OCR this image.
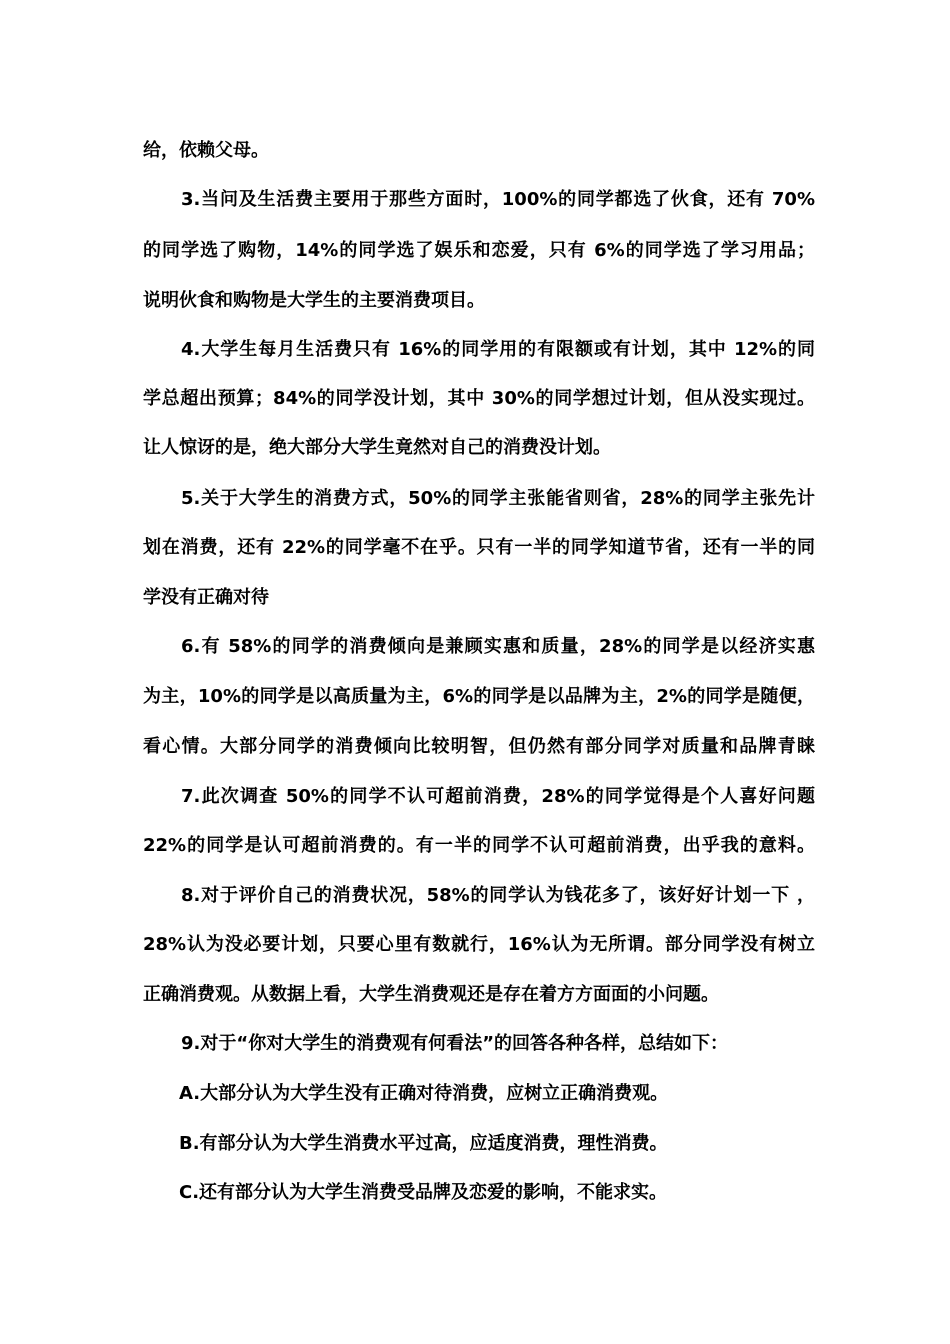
给，依赖父母。
3.当问及生活费主要用于那些方面时，100%的同学都选了伙食，还有 70%
的同学选了购物，14%的同学选了娱乐和恋爱，只有 6%的同学选了学习用品；
说明伙食和购物是大学生的主要消费项目。
4.大学生每月生活费只有 16%的同学用的有限额或有计划，其中 12%的同
学总超出预算；84%的同学没计划，其中 30%的同学想过计划，但从没实现过。
让人惊讶的是，绝大部分大学生竟然对自己的消费没计划。
5.关于大学生的消费方式，50%的同学主张能省则省，28%的同学主张先计
划在消费，还有 22%的同学毫不在乎。只有一半的同学知道节省，还有一半的同
学没有正确对待
6.有 58%的同学的消费倾向是兼顾实惠和质量，28%的同学是以经济实惠
为主，10%的同学是以高质量为主，6%的同学是以品牌为主，2%的同学是随便，
看心情。大部分同学的消费倾向比较明智，但仍然有部分同学对质量和品牌青睐
7.此次调查 50%的同学不认可超前消费，28%的同学觉得是个人喜好问题
22%的同学是认可超前消费的。有一半的同学不认可超前消费，出乎我的意料。
8.对于评价自己的消费状况，58%的同学认为钱花多了，该好好计划一下 ，
28%认为没必要计划，只要心里有数就行，16%认为无所谓。部分同学没有树立
正确消费观。从数据上看，大学生消费观还是存在着方方面面的小问题。
9.对于“你对大学生的消费观有何看法”的回答各种各样，总结如下：
A.大部分认为大学生没有正确对待消费，应树立正确消费观。
B.有部分认为大学生消费水平过高，应适度消费，理性消费。
C.还有部分认为大学生消费受品牌及恋爱的影响，不能求实。
